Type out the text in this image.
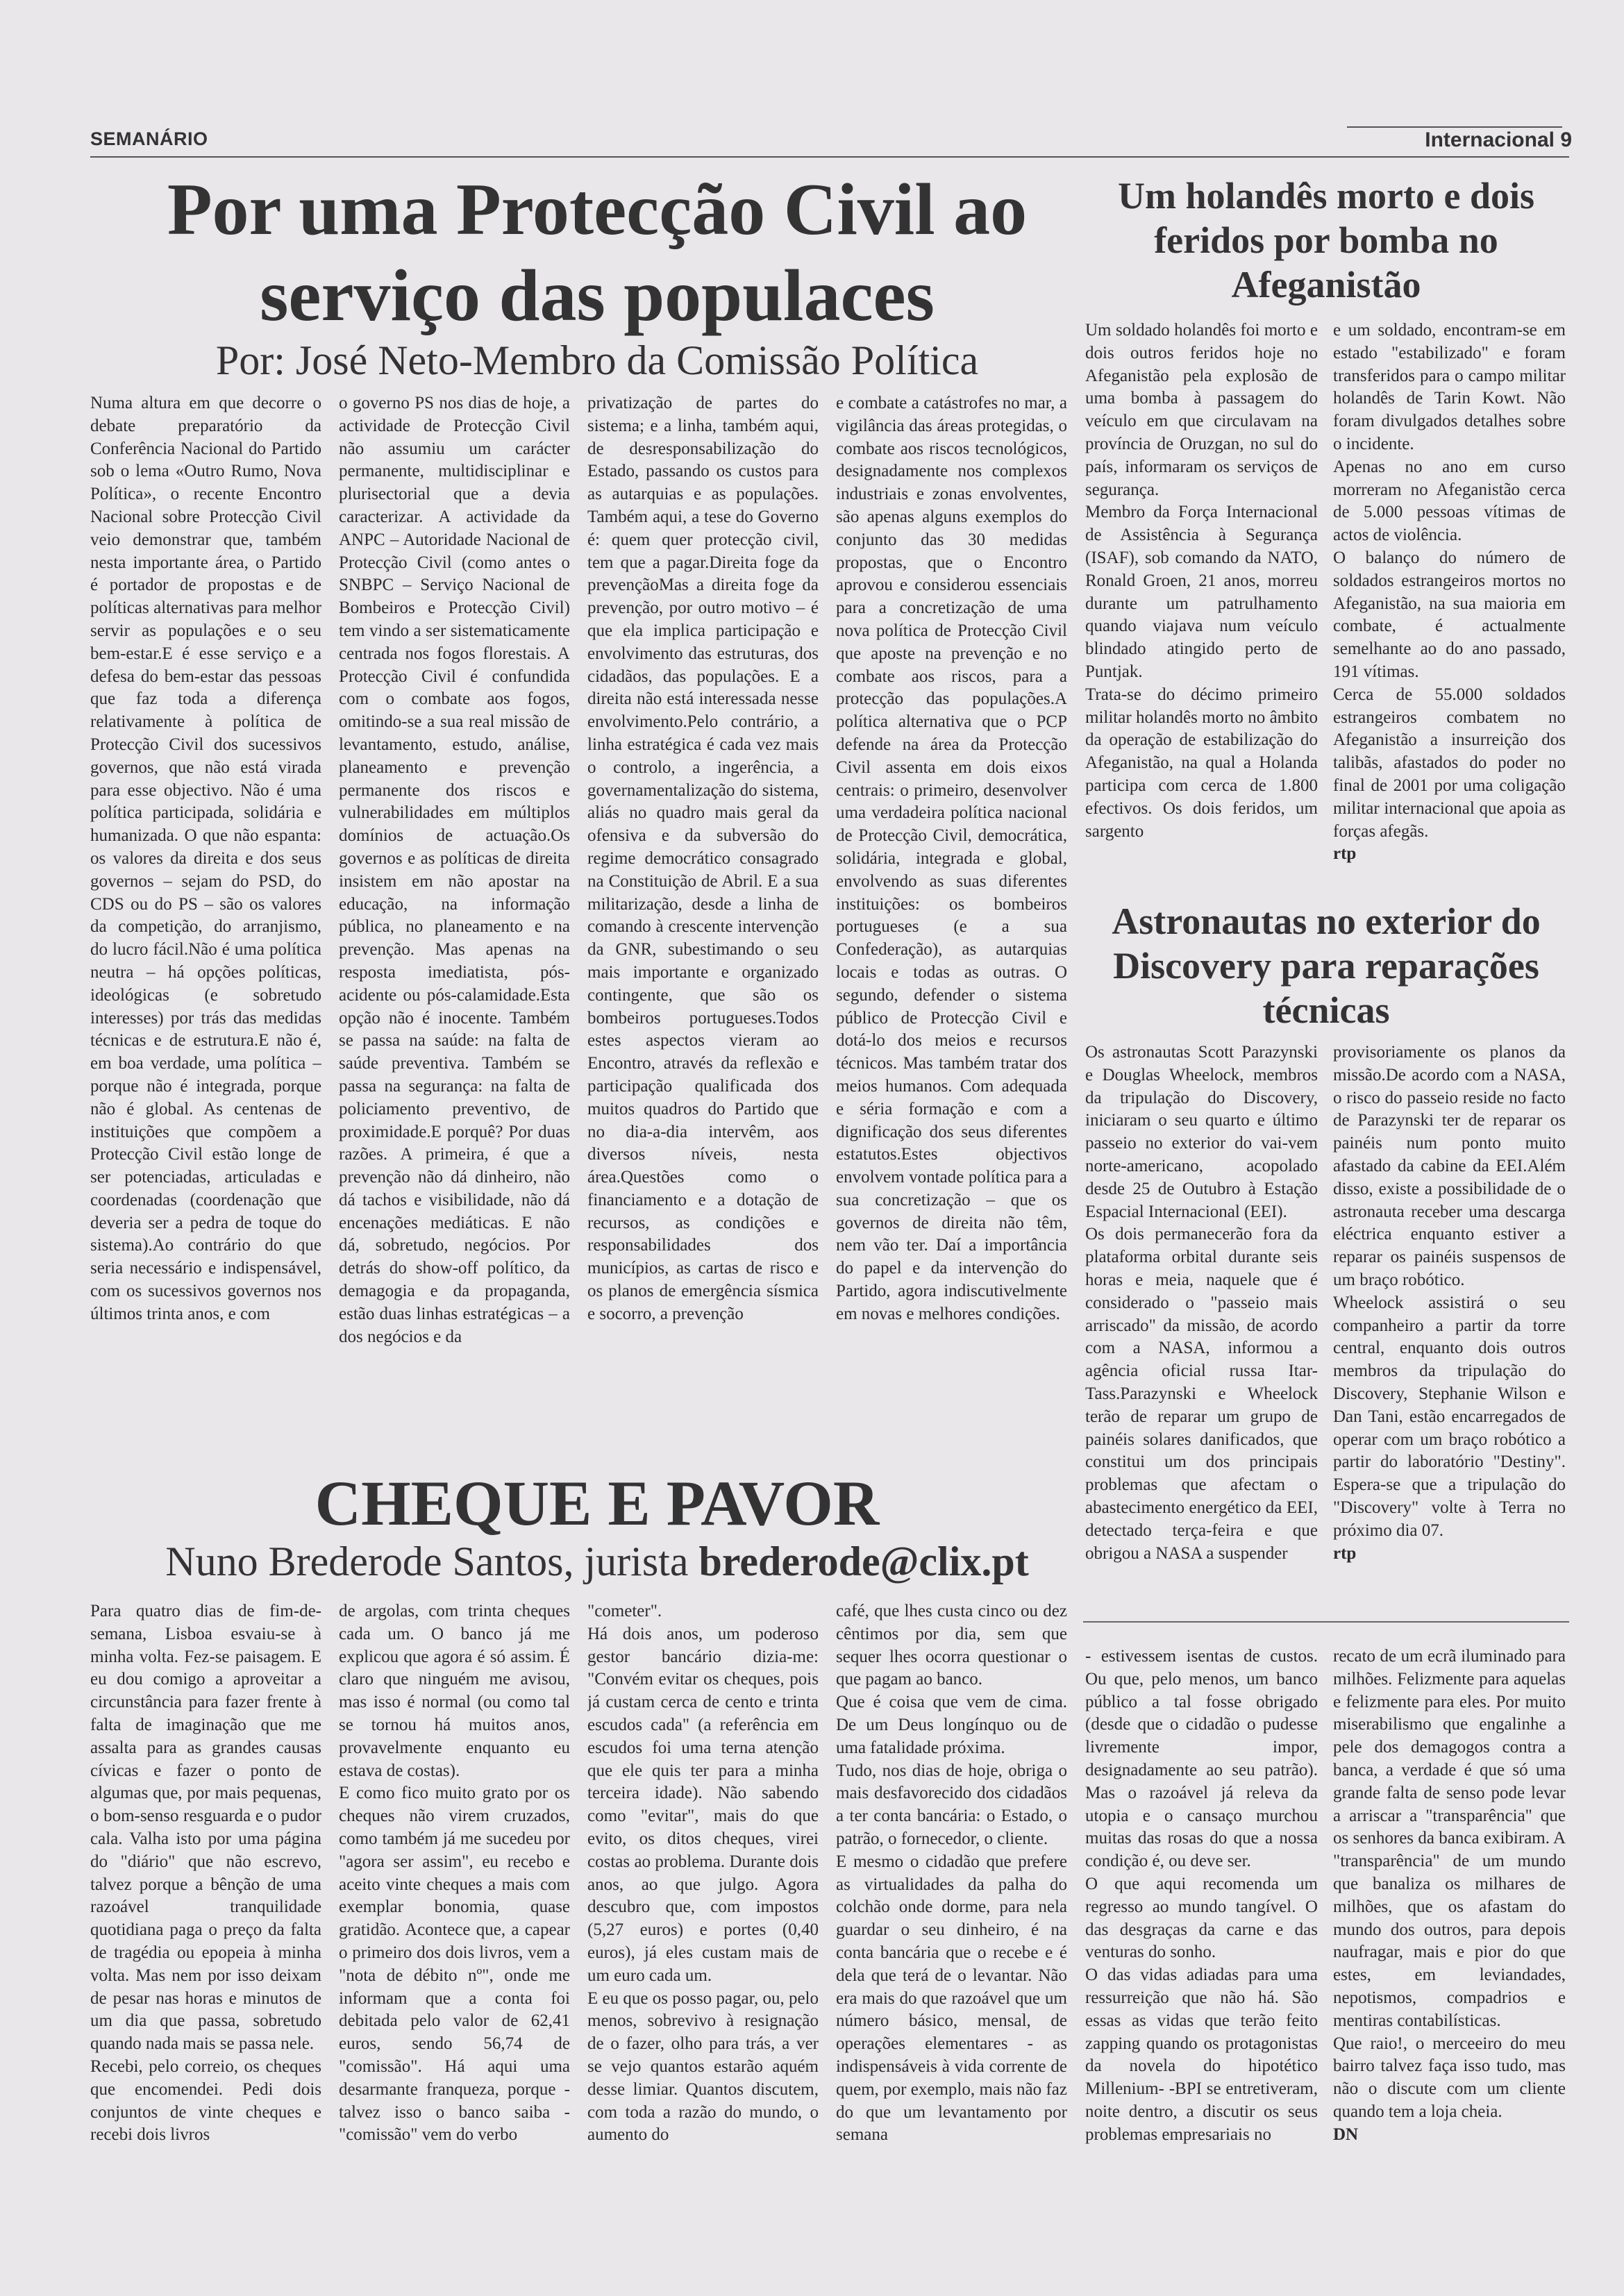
SEMANÁRIO	Internacional 9
Por uma Protecção Civil ao serviço das populaces
Por: José Neto-Membro da Comissão Política

Numa altura em que decorre o debate preparatório da Conferência Nacional do Partido sob o lema «Outro Rumo, Nova Política», o recente Encontro Nacional sobre Protecção Civil veio demonstrar que, também nesta importante área, o Partido é portador de propostas e de políticas alternativas para melhor servir as populações e o seu bem-estar.E é esse serviço e a defesa do bem-estar das pessoas que faz toda a diferença relativamente à política de Protecção Civil dos sucessivos governos, que não está virada para esse objectivo. Não é uma política participada, solidária e humanizada. O que não espanta: os valores da direita e dos seus governos – sejam do PSD, do CDS ou do PS – são os valores da competição, do arranjismo, do lucro fácil.Não é uma política neutra – há opções políticas, ideológicas (e sobretudo interesses) por trás das medidas técnicas e de estrutura.E não é, em boa verdade, uma política – porque não é integrada, porque não é global. As centenas de instituições que compõem a Protecção Civil estão longe de ser potenciadas, articuladas e coordenadas (coordenação que deveria ser a pedra de toque do sistema).Ao contrário do que seria necessário e indispensável, com os sucessivos governos nos últimos trinta anos, e com

o governo PS nos dias de hoje, a actividade de Protecção Civil não assumiu um carácter permanente, multidisciplinar e plurisectorial que a devia caracterizar. A actividade da ANPC – Autoridade Nacional de Protecção Civil (como antes o SNBPC – Serviço Nacional de Bombeiros e Protecção Civil) tem vindo a ser sistematicamente centrada nos fogos florestais. A Protecção Civil é confundida com o combate aos fogos, omitindo-se a sua real missão de levantamento, estudo, análise, planeamento e prevenção permanente dos riscos e vulnerabilidades em múltiplos domínios de actuação.Os governos e as políticas de direita insistem em não apostar na educação, na informação pública, no planeamento e na prevenção. Mas apenas na resposta imediatista, pós-acidente ou pós-calamidade.Esta opção não é inocente. Também se passa na saúde: na falta de saúde preventiva. Também se passa na segurança: na falta de policiamento preventivo, de proximidade.E porquê? Por duas razões. A primeira, é que a prevenção não dá dinheiro, não dá tachos e visibilidade, não dá encenações mediáticas. E não dá, sobretudo, negócios. Por detrás do show-off político, da demagogia e da propaganda, estão duas linhas estratégicas – a dos negócios e da

privatização de partes do sistema; e a linha, também aqui, de desresponsabilização do Estado, passando os custos para as autarquias e as populações. Também aqui, a tese do Governo é: quem quer protecção civil, tem que a pagar.Direita foge da prevençãoMas a direita foge da prevenção, por outro motivo – é que ela implica participação e envolvimento das estruturas, dos cidadãos, das populações. E a direita não está interessada nesse envolvimento.Pelo contrário, a linha estratégica é cada vez mais o controlo, a ingerência, a governamentalização do sistema, aliás no quadro mais geral da ofensiva e da subversão do regime democrático consagrado na Constituição de Abril. E a sua militarização, desde a linha de comando à crescente intervenção da GNR, subestimando o seu mais importante e organizado contingente, que são os bombeiros portugueses.Todos estes aspectos vieram ao Encontro, através da reflexão e participação qualificada dos muitos quadros do Partido que no dia-a-dia intervêm, aos diversos níveis, nesta área.Questões como o financiamento e a dotação de recursos, as condições e responsabilidades dos municípios, as cartas de risco e os planos de emergência sísmica e socorro, a prevenção

e combate a catástrofes no mar, a vigilância das áreas protegidas, o combate aos riscos tecnológicos, designadamente nos complexos industriais e zonas envolventes, são apenas alguns exemplos do conjunto das 30 medidas propostas, que o Encontro aprovou e considerou essenciais para a concretização de uma nova política de Protecção Civil que aposte na prevenção e no combate aos riscos, para a protecção das populações.A política alternativa que o PCP defende na área da Protecção Civil assenta em dois eixos centrais: o primeiro, desenvolver uma verdadeira política nacional de Protecção Civil, democrática, solidária, integrada e global, envolvendo as suas diferentes instituições: os bombeiros portugueses (e a sua Confederação), as autarquias locais e todas as outras. O segundo, defender o sistema público de Protecção Civil e dotá-lo dos meios e recursos técnicos. Mas também tratar dos meios humanos. Com adequada e séria formação e com a dignificação dos seus diferentes estatutos.Estes objectivos envolvem vontade política para a sua concretização – que os governos de direita não têm, nem vão ter. Daí a importância do papel e da intervenção do Partido, agora indiscutivelmente em novas e melhores condições.

Um holandês morto e dois feridos por bomba no Afeganistão

Um soldado holandês foi morto e dois outros feridos hoje no Afeganistão pela explosão de uma bomba à passagem do veículo em que circulavam na província de Oruzgan, no sul do país, informaram os serviços de segurança.
Membro da Força Internacional de Assistência à Segurança (ISAF), sob comando da NATO, Ronald Groen, 21 anos, morreu durante um patrulhamento quando viajava num veículo blindado atingido perto de Puntjak.
Trata-se do décimo primeiro militar holandês morto no âmbito da operação de estabilização do Afeganistão, na qual a Holanda participa com cerca de 1.800 efectivos. Os dois feridos, um sargento

e um soldado, encontram-se em estado "estabilizado" e foram transferidos para o campo militar holandês de Tarin Kowt. Não foram divulgados detalhes sobre o incidente.
Apenas no ano em curso morreram no Afeganistão cerca de 5.000 pessoas vítimas de actos de violência.
O balanço do número de soldados estrangeiros mortos no Afeganistão, na sua maioria em combate, é actualmente semelhante ao do ano passado, 191 vítimas.
Cerca de 55.000 soldados estrangeiros combatem no Afeganistão a insurreição dos talibãs, afastados do poder no final de 2001 por uma coligação militar internacional que apoia as forças afegãs.

rtp
Astronautas no exterior do Discovery para reparações técnicas

Os astronautas Scott Parazynski e Douglas Wheelock, membros da tripulação do Discovery, iniciaram o seu quarto e último passeio no exterior do vai-vem norte-americano, acopolado desde 25 de Outubro à Estação Espacial Internacional (EEI).
Os dois permanecerão fora da plataforma orbital durante seis horas e meia, naquele que é considerado o "passeio mais arriscado" da missão, de acordo com a NASA, informou a agência oficial russa Itar-Tass.Parazynski e Wheelock terão de reparar um grupo de painéis solares danificados, que constitui um dos principais problemas que afectam o abastecimento energético da EEI, detectado terça-feira e que obrigou a NASA a suspender

provisoriamente os planos da missão.De acordo com a NASA, o risco do passeio reside no facto de Parazynski ter de reparar os painéis num ponto muito afastado da cabine da EEI.Além disso, existe a possibilidade de o astronauta receber uma descarga eléctrica enquanto estiver a reparar os painéis suspensos de um braço robótico.
Wheelock assistirá o seu companheiro a partir da torre central, enquanto dois outros membros da tripulação do Discovery, Stephanie Wilson e Dan Tani, estão encarregados de operar com um braço robótico a partir do laboratório "Destiny". Espera-se que a tripulação do "Discovery" volte à Terra no próximo dia 07.

rtp
CHEQUE E PAVOR
Nuno Brederode Santos, jurista brederode@clix.pt

Para quatro dias de fim-de-semana, Lisboa esvaiu-se à minha volta. Fez-se paisagem. E eu dou comigo a aproveitar a circunstância para fazer frente à falta de imaginação que me assalta para as grandes causas cívicas e fazer o ponto de algumas que, por mais pequenas, o bom-senso resguarda e o pudor cala. Valha isto por uma página do "diário" que não escrevo, talvez porque a bênção de uma razoável tranquilidade quotidiana paga o preço da falta de tragédia ou epopeia à minha volta. Mas nem por isso deixam de pesar nas horas e minutos de um dia que passa, sobretudo quando nada mais se passa nele.
Recebi, pelo correio, os cheques que encomendei. Pedi dois conjuntos de vinte cheques e recebi dois livros

de argolas, com trinta cheques cada um. O banco já me explicou que agora é só assim. É claro que ninguém me avisou, mas isso é normal (ou como tal se tornou há muitos anos, provavelmente enquanto eu estava de costas).
E como fico muito grato por os cheques não virem cruzados, como também já me sucedeu por "agora ser assim", eu recebo e aceito vinte cheques a mais com exemplar bonomia, quase gratidão. Acontece que, a capear o primeiro dos dois livros, vem a "nota de débito nº", onde me informam que a conta foi debitada pelo valor de 62,41 euros, sendo 56,74 de "comissão". Há aqui uma desarmante franqueza, porque - talvez isso o banco saiba - "comissão" vem do verbo

"cometer".
Há dois anos, um poderoso gestor bancário dizia-me: "Convém evitar os cheques, pois já custam cerca de cento e trinta escudos cada" (a referência em escudos foi uma terna atenção que ele quis ter para a minha terceira idade). Não sabendo como "evitar", mais do que evito, os ditos cheques, virei costas ao problema. Durante dois anos, ao que julgo. Agora descubro que, com impostos (5,27 euros) e portes (0,40 euros), já eles custam mais de um euro cada um.
E eu que os posso pagar, ou, pelo menos, sobrevivo à resignação de o fazer, olho para trás, a ver se vejo quantos estarão aquém desse limiar. Quantos discutem, com toda a razão do mundo, o aumento do

café, que lhes custa cinco ou dez cêntimos por dia, sem que sequer lhes ocorra questionar o que pagam ao banco.
Que é coisa que vem de cima. De um Deus longínquo ou de uma fatalidade próxima.
Tudo, nos dias de hoje, obriga o mais desfavorecido dos cidadãos a ter conta bancária: o Estado, o patrão, o fornecedor, o cliente.
E mesmo o cidadão que prefere as virtualidades da palha do colchão onde dorme, para nela guardar o seu dinheiro, é na conta bancária que o recebe e é dela que terá de o levantar. Não era mais do que razoável que um número básico, mensal, de operações elementares - as indispensáveis à vida corrente de quem, por exemplo, mais não faz do que um levantamento por semana

- estivessem isentas de custos. Ou que, pelo menos, um banco público a tal fosse obrigado (desde que o cidadão o pudesse livremente impor, designadamente ao seu patrão). Mas o razoável já releva da utopia e o cansaço murchou muitas das rosas do que a nossa condição é, ou deve ser.
O que aqui recomenda um regresso ao mundo tangível. O das desgraças da carne e das venturas do sonho.
O das vidas adiadas para uma ressurreição que não há. São essas as vidas que terão feito zapping quando os protagonistas da novela do hipotético Millenium- -BPI se entretiveram, noite dentro, a discutir os seus problemas empresariais no

recato de um ecrã iluminado para milhões. Felizmente para aquelas e felizmente para eles. Por muito miserabilismo que engalinhe a pele dos demagogos contra a banca, a verdade é que só uma grande falta de senso pode levar a arriscar a "transparência" que os senhores da banca exibiram. A "transparência" de um mundo que banaliza os milhares de milhões, que os afastam do mundo dos outros, para depois naufragar, mais e pior do que estes, em leviandades, nepotismos, compadrios e mentiras contabilísticas.
Que raio!, o merceeiro do meu bairro talvez faça isso tudo, mas não o discute com um cliente quando tem a loja cheia.

DN
